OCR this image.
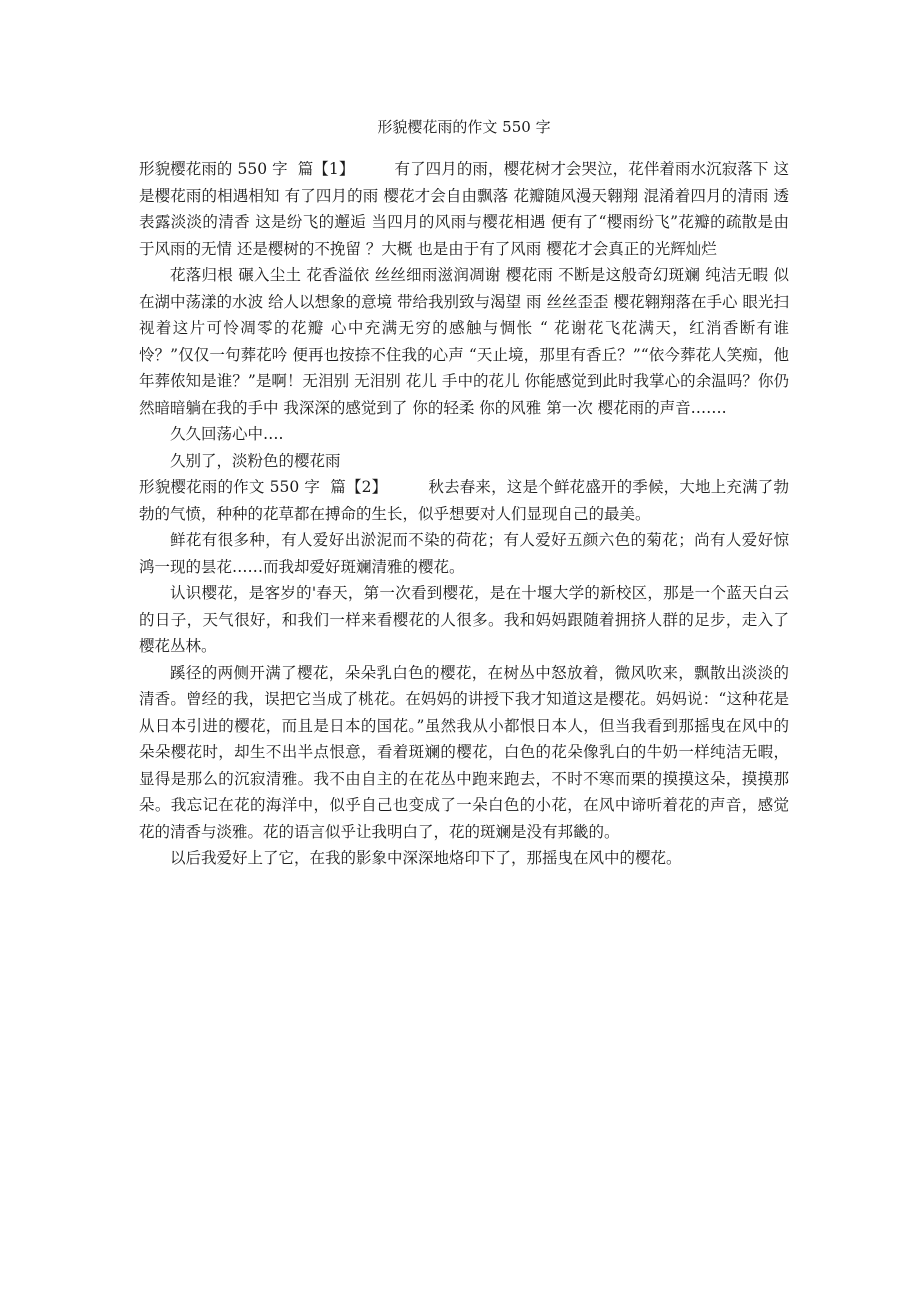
形貌樱花雨的作文 550 字

形貌樱花雨的 550 字  篇【1】        有了四月的雨，樱花树才会哭泣，花伴着雨水沉寂落下 这是樱花雨的相遇相知 有了四月的雨 樱花才会自由飘落 花瓣随风漫天翱翔 混淆着四月的清雨 透表露淡淡的清香 这是纷飞的邂逅 当四月的风雨与樱花相遇 便有了“樱雨纷飞”花瓣的疏散是由于风雨的无情 还是樱树的不挽留 ？大概 也是由于有了风雨 樱花才会真正的光辉灿烂

花落归根 碾入尘土 花香溢依 丝丝细雨滋润凋谢 樱花雨 不断是这般奇幻斑斓 纯洁无暇 似在湖中荡漾的水波 给人以想象的意境 带给我别致与渴望 雨 丝丝歪歪 樱花翱翔落在手心 眼光扫视着这片可怜凋零的花瓣 心中充满无穷的感触与惆怅 “ 花谢花飞花满天，红消香断有谁怜？”仅仅一句葬花吟 便再也按捺不住我的心声 “天止境，那里有香丘？”“依今葬花人笑痴，他年葬侬知是谁？”是啊！无泪别 无泪别 花儿 手中的花儿 你能感觉到此时我掌心的余温吗？你仍然暗暗躺在我的手中 我深深的感觉到了 你的轻柔 你的风雅 第一次 樱花雨的声音…….

久久回荡心中….

久别了，淡粉色的樱花雨

形貌樱花雨的作文 550 字  篇【2】        秋去春来，这是个鲜花盛开的季候，大地上充满了勃勃的气愤，种种的花草都在搏命的生长，似乎想要对人们显现自己的最美。

鲜花有很多种，有人爱好出淤泥而不染的荷花；有人爱好五颜六色的菊花；尚有人爱好惊鸿一现的昙花……而我却爱好斑斓清雅的樱花。

认识樱花，是客岁的'春天，第一次看到樱花，是在十堰大学的新校区，那是一个蓝天白云的日子，天气很好，和我们一样来看樱花的人很多。我和妈妈跟随着拥挤人群的足步，走入了樱花丛林。

蹊径的两侧开满了樱花，朵朵乳白色的樱花，在树丛中怒放着，微风吹来，飘散出淡淡的清香。曾经的我，误把它当成了桃花。在妈妈的讲授下我才知道这是樱花。妈妈说：“这种花是从日本引进的樱花，而且是日本的国花。”虽然我从小都恨日本人，但当我看到那摇曳在风中的朵朵樱花时，却生不出半点恨意，看着斑斓的樱花，白色的花朵像乳白的牛奶一样纯洁无暇，显得是那么的沉寂清雅。我不由自主的在花丛中跑来跑去，不时不寒而栗的摸摸这朵，摸摸那朵。我忘记在花的海洋中，似乎自己也变成了一朵白色的小花，在风中谛听着花的声音，感觉花的清香与淡雅。花的语言似乎让我明白了，花的斑斓是没有邦畿的。

以后我爱好上了它，在我的影象中深深地烙印下了，那摇曳在风中的樱花。
